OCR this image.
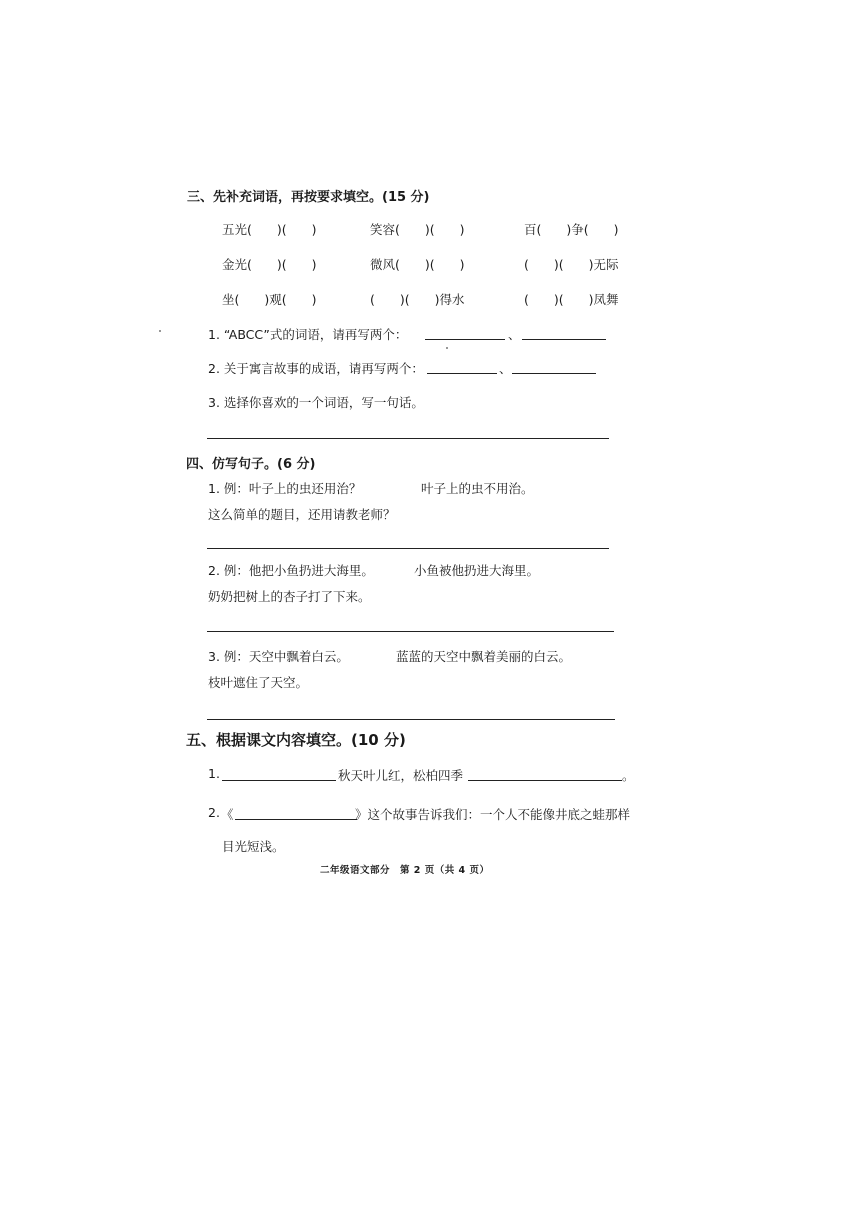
三、先补充词语，再按要求填空。(15 分)
五光(　　)(　　)	笑容(　　)(　　)	百(　　)争(　　)
金光(　　)(　　)	微风(　　)(　　)	(　　)(　　)无际
坐(　　)观(　　)	(　　)(　　)得水	(　　)(　　)凤舞
1. “ABCC”式的词语，请再写两个：	、
2. 关于寓言故事的成语，请再写两个：	、
3. 选择你喜欢的一个词语，写一句话。
四、仿写句子。(6 分)
1. 例：叶子上的虫还用治？	叶子上的虫不用治。
这么简单的题目，还用请教老师？
2. 例：他把小鱼扔进大海里。	小鱼被他扔进大海里。
奶奶把树上的杏子打了下来。
3. 例：天空中飘着白云。	蓝蓝的天空中飘着美丽的白云。
枝叶遮住了天空。
五、根据课文内容填空。(10 分)
1.	秋天叶儿红，松柏四季	。
2. 《	》这个故事告诉我们：一个人不能像井底之蛙那样
目光短浅。
二年级语文部分　第 2 页（共 4 页）
